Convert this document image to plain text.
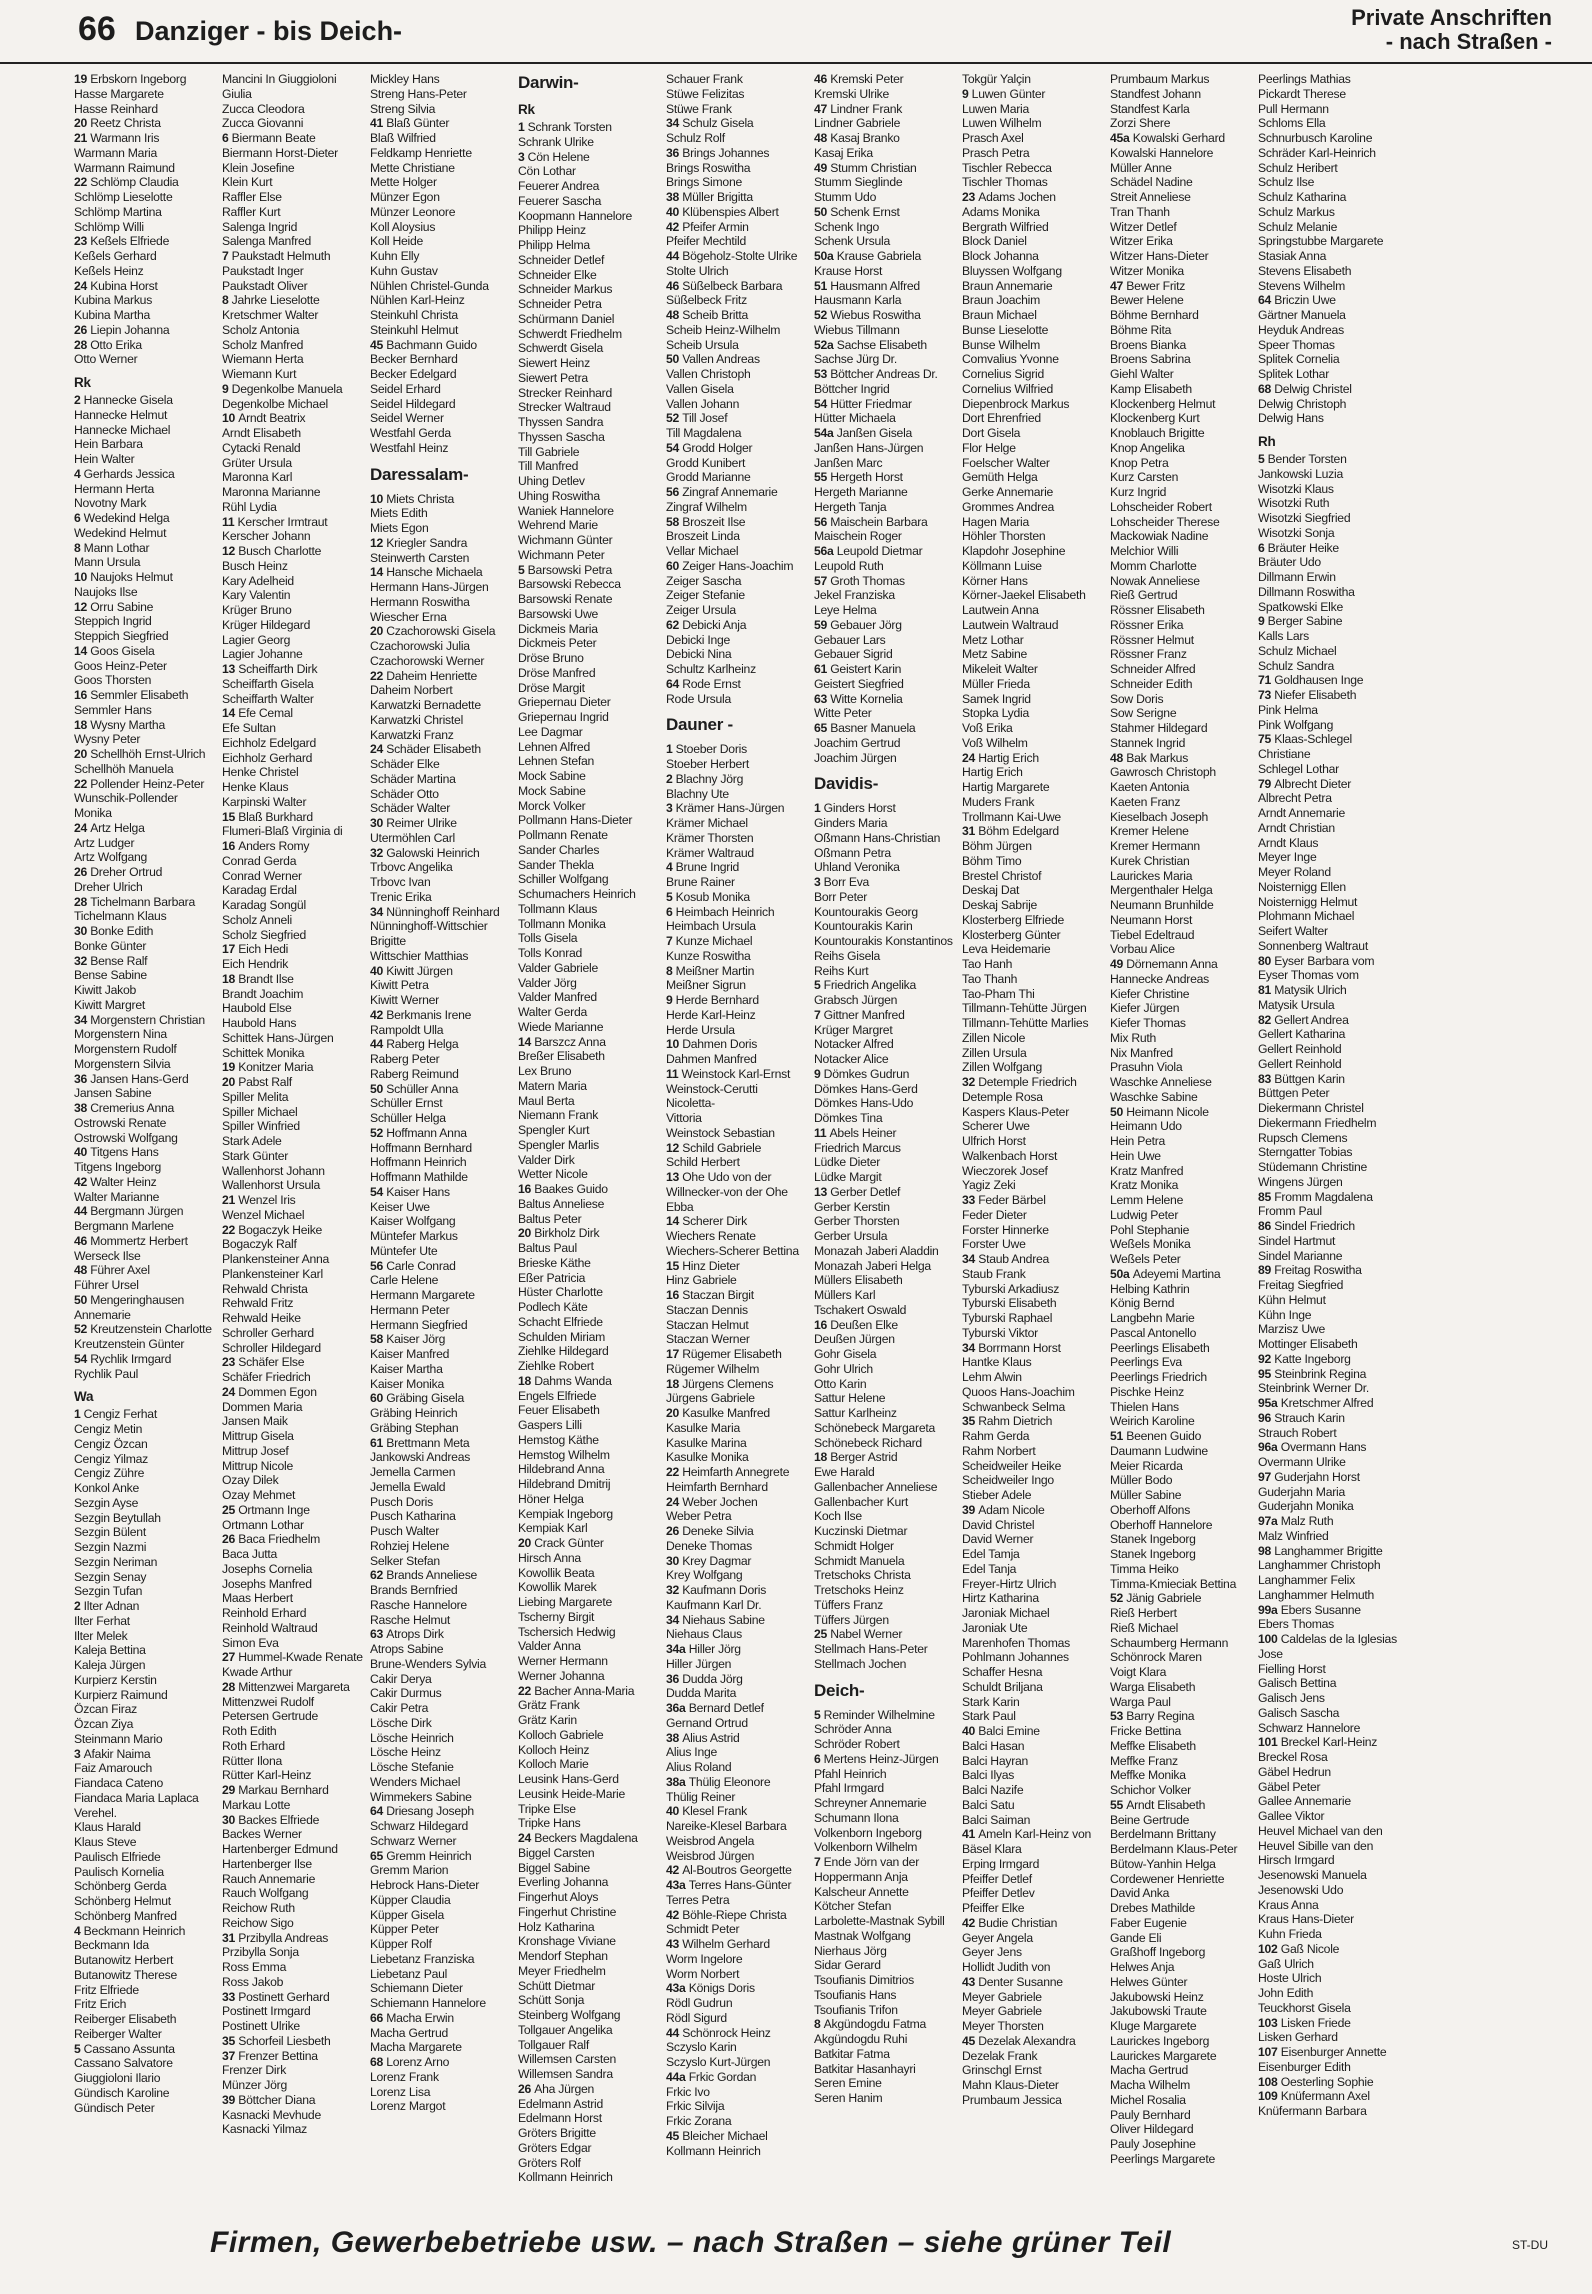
66 Danziger - bis Deich-	Private Anschriften
- nach Straßen -
19 Erbskorn Ingeborg
Hasse Margarete
Hasse Reinhard
20 Reetz Christa
21 Warmann Iris
Warmann Maria
Warmann Raimund
22 Schlömp Claudia
Schlömp Lieselotte
Schlömp Martina
Schlömp Willi
23 Keßels Elfriede
Keßels Gerhard
Keßels Heinz
24 Kubina Horst
Kubina Markus
Kubina Martha
26 Liepin Johanna
28 Otto Erika
Otto Werner
Rk
2 Hannecke Gisela
Hannecke Helmut
Hannecke Michael
Hein Barbara
Hein Walter
4 Gerhards Jessica
Hermann Herta
Novotny Mark
6 Wedekind Helga
Wedekind Helmut
8 Mann Lothar
Mann Ursula
10 Naujoks Helmut
Naujoks Ilse
12 Orru Sabine
Steppich Ingrid
Steppich Siegfried
14 Goos Gisela
Goos Heinz-Peter
Goos Thorsten
16 Semmler Elisabeth
Semmler Hans
18 Wysny Martha
Wysny Peter
20 Schellhöh Ernst-Ulrich
Schellhöh Manuela
22 Pollender Heinz-Peter
Wunschik-Pollender
Monika
24 Artz Helga
Artz Ludger
Artz Wolfgang
26 Dreher Ortrud
Dreher Ulrich
28 Tichelmann Barbara
Tichelmann Klaus
30 Bonke Edith
Bonke Günter
32 Bense Ralf
Bense Sabine
Kiwitt Jakob
Kiwitt Margret
34 Morgenstern Christian
Morgenstern Nina
Morgenstern Rudolf
Morgenstern Silvia
36 Jansen Hans-Gerd
Jansen Sabine
38 Cremerius Anna
Ostrowski Renate
Ostrowski Wolfgang
40 Titgens Hans
Titgens Ingeborg
42 Walter Heinz
Walter Marianne
44 Bergmann Jürgen
Bergmann Marlene
46 Mommertz Herbert
Werseck Ilse
48 Führer Axel
Führer Ursel
50 Mengeringhausen
Annemarie
52 Kreutzenstein Charlotte
Kreutzenstein Günter
54 Rychlik Irmgard
Rychlik Paul
Wa
1 Cengiz Ferhat
Cengiz Metin
Cengiz Özcan
Cengiz Yilmaz
Cengiz Zühre
Konkol Anke
Sezgin Ayse
Sezgin Beytullah
Sezgin Bülent
Sezgin Nazmi
Sezgin Neriman
Sezgin Senay
Sezgin Tufan
2 Ilter Adnan
Ilter Ferhat
Ilter Melek
Kaleja Bettina
Kaleja Jürgen
Kurpierz Kerstin
Kurpierz Raimund
Özcan Firaz
Özcan Ziya
Steinmann Mario
3 Afakir Naima
Faiz Amarouch
Fiandaca Cateno
Fiandaca Maria Laplaca
Verehel.
Klaus Harald
Klaus Steve
Paulisch Elfriede
Paulisch Kornelia
Schönberg Gerda
Schönberg Helmut
Schönberg Manfred
4 Beckmann Heinrich
Beckmann Ida
Butanowitz Herbert
Butanowitz Therese
Fritz Elfriede
Fritz Erich
Reiberger Elisabeth
Reiberger Walter
5 Cassano Assunta
Cassano Salvatore
Giuggioloni Ilario
Gündisch Karoline
Gündisch Peter
Mancini In Giuggioloni
Giulia
Zucca Cleodora
Zucca Giovanni
6 Biermann Beate
Biermann Horst-Dieter
Klein Josefine
Klein Kurt
Raffler Else
Raffler Kurt
Salenga Ingrid
Salenga Manfred
7 Paukstadt Helmuth
Paukstadt Inger
Paukstadt Oliver
8 Jahrke Lieselotte
Kretschmer Walter
Scholz Antonia
Scholz Manfred
Wiemann Herta
Wiemann Kurt
9 Degenkolbe Manuela
Degenkolbe Michael
10 Arndt Beatrix
Arndt Elisabeth
Cytacki Renald
Grüter Ursula
Maronna Karl
Maronna Marianne
Rühl Lydia
11 Kerscher Irmtraut
Kerscher Johann
12 Busch Charlotte
Busch Heinz
Kary Adelheid
Kary Valentin
Krüger Bruno
Krüger Hildegard
Lagier Georg
Lagier Johanne
13 Scheiffarth Dirk
Scheiffarth Gisela
Scheiffarth Walter
14 Efe Cemal
Efe Sultan
Eichholz Edelgard
Eichholz Gerhard
Henke Christel
Henke Klaus
Karpinski Walter
15 Blaß Burkhard
Flumeri-Blaß Virginia di
16 Anders Romy
Conrad Gerda
Conrad Werner
Karadag Erdal
Karadag Songül
Scholz Anneli
Scholz Siegfried
17 Eich Hedi
Eich Hendrik
18 Brandt Ilse
Brandt Joachim
Haubold Else
Haubold Hans
Schittek Hans-Jürgen
Schittek Monika
19 Konitzer Maria
20 Pabst Ralf
Spiller Melita
Spiller Michael
Spiller Winfried
Stark Adele
Stark Günter
Wallenhorst Johann
Wallenhorst Ursula
21 Wenzel Iris
Wenzel Michael
22 Bogaczyk Heike
Bogaczyk Ralf
Plankensteiner Anna
Plankensteiner Karl
Rehwald Christa
Rehwald Fritz
Rehwald Heike
Schroller Gerhard
Schroller Hildegard
23 Schäfer Else
Schäfer Friedrich
24 Dommen Egon
Dommen Maria
Jansen Maik
Mittrup Gisela
Mittrup Josef
Mittrup Nicole
Ozay Dilek
Ozay Mehmet
25 Ortmann Inge
Ortmann Lothar
26 Baca Friedhelm
Baca Jutta
Josephs Cornelia
Josephs Manfred
Maas Herbert
Reinhold Erhard
Reinhold Waltraud
Simon Eva
27 Hummel-Kwade Renate
Kwade Arthur
28 Mittenzwei Margareta
Mittenzwei Rudolf
Petersen Gertrude
Roth Edith
Roth Erhard
Rütter Ilona
Rütter Karl-Heinz
29 Markau Bernhard
Markau Lotte
30 Backes Elfriede
Backes Werner
Hartenberger Edmund
Hartenberger Ilse
Rauch Annemarie
Rauch Wolfgang
Reichow Ruth
Reichow Sigo
31 Przibylla Andreas
Przibylla Sonja
Ross Emma
Ross Jakob
33 Postinett Gerhard
Postinett Irmgard
Postinett Ulrike
35 Schorfeil Liesbeth
37 Frenzer Bettina
Frenzer Dirk
Münzer Jörg
39 Böttcher Diana
Kasnacki Mevhude
Kasnacki Yilmaz
Mickley Hans
Streng Hans-Peter
Streng Silvia
41 Blaß Günter
Blaß Wilfried
Feldkamp Henriette
Mette Christiane
Mette Holger
Münzer Egon
Münzer Leonore
Koll Aloysius
Koll Heide
Kuhn Elly
Kuhn Gustav
Nühlen Christel-Gunda
Nühlen Karl-Heinz
Steinkuhl Christa
Steinkuhl Helmut
45 Bachmann Guido
Becker Bernhard
Becker Edelgard
Seidel Erhard
Seidel Hildegard
Seidel Werner
Westfahl Gerda
Westfahl Heinz
Daressalam-
10 Miets Christa
Miets Edith
Miets Egon
12 Kriegler Sandra
Steinwerth Carsten
14 Hansche Michaela
Hermann Hans-Jürgen
Hermann Roswitha
Wiescher Erna
20 Czachorowski Gisela
Czachorowski Julia
Czachorowski Werner
22 Daheim Henriette
Daheim Norbert
Karwatzki Bernadette
Karwatzki Christel
Karwatzki Franz
24 Schäder Elisabeth
Schäder Elke
Schäder Martina
Schäder Otto
Schäder Walter
30 Reimer Ulrike
Utermöhlen Carl
32 Galowski Heinrich
Trbovc Angelika
Trbovc Ivan
Trenic Erika
34 Nünninghoff Reinhard
Nünninghoff-Wittschier
Brigitte
Wittschier Matthias
40 Kiwitt Jürgen
Kiwitt Petra
Kiwitt Werner
42 Berkmanis Irene
Rampoldt Ulla
44 Raberg Helga
Raberg Peter
Raberg Reimund
50 Schüller Anna
Schüller Ernst
Schüller Helga
52 Hoffmann Anna
Hoffmann Bernhard
Hoffmann Heinrich
Hoffmann Mathilde
54 Kaiser Hans
Keiser Uwe
Kaiser Wolfgang
Müntefer Markus
Müntefer Ute
56 Carle Conrad
Carle Helene
Hermann Margarete
Hermann Peter
Hermann Siegfried
58 Kaiser Jörg
Kaiser Manfred
Kaiser Martha
Kaiser Monika
60 Gräbing Gisela
Gräbing Heinrich
Gräbing Stephan
61 Brettmann Meta
Jankowski Andreas
Jemella Carmen
Jemella Ewald
Pusch Doris
Pusch Katharina
Pusch Walter
Rohziej Helene
Selker Stefan
62 Brands Anneliese
Brands Bernfried
Rasche Hannelore
Rasche Helmut
63 Atrops Dirk
Atrops Sabine
Brune-Wenders Sylvia
Cakir Derya
Cakir Durmus
Cakir Petra
Lösche Dirk
Lösche Heinrich
Lösche Heinz
Lösche Stefanie
Wenders Michael
Wimmekers Sabine
64 Driesang Joseph
Schwarz Hildegard
Schwarz Werner
65 Gremm Heinrich
Gremm Marion
Hebrock Hans-Dieter
Küpper Claudia
Küpper Gisela
Küpper Peter
Küpper Rolf
Liebetanz Franziska
Liebetanz Paul
Schiemann Dieter
Schiemann Hannelore
66 Macha Erwin
Macha Gertrud
Macha Margarete
68 Lorenz Arno
Lorenz Frank
Lorenz Lisa
Lorenz Margot
Darwin-
Rk
1 Schrank Torsten
Schrank Ulrike
3 Cön Helene
Cön Lothar
Feuerer Andrea
Feuerer Sascha
Koopmann Hannelore
Philipp Heinz
Philipp Helma
Schneider Detlef
Schneider Elke
Schneider Markus
Schneider Petra
Schürmann Daniel
Schwerdt Friedhelm
Schwerdt Gisela
Siewert Heinz
Siewert Petra
Strecker Reinhard
Strecker Waltraud
Thyssen Sandra
Thyssen Sascha
Till Gabriele
Till Manfred
Uhing Detlev
Uhing Roswitha
Waniek Hannelore
Wehrend Marie
Wichmann Günter
Wichmann Peter
5 Barsowski Petra
Barsowski Rebecca
Barsowski Renate
Barsowski Uwe
Dickmeis Maria
Dickmeis Peter
Dröse Bruno
Dröse Manfred
Dröse Margit
Griepernau Dieter
Griepernau Ingrid
Lee Dagmar
Lehnen Alfred
Lehnen Stefan
Mock Sabine
Mock Sabine
Morck Volker
Pollmann Hans-Dieter
Pollmann Renate
Sander Charles
Sander Thekla
Schiller Wolfgang
Schumachers Heinrich
Tollmann Klaus
Tollmann Monika
Tolls Gisela
Tolls Konrad
Valder Gabriele
Valder Jörg
Valder Manfred
Walter Gerda
Wiede Marianne
14 Barszcz Anna
Breßer Elisabeth
Lex Bruno
Matern Maria
Maul Berta
Niemann Frank
Spengler Kurt
Spengler Marlis
Valder Dirk
Wetter Nicole
16 Baakes Guido
Baltus Anneliese
Baltus Peter
20 Birkholz Dirk
Baltus Paul
Brieske Käthe
Eßer Patricia
Hüster Charlotte
Podlech Käte
Schacht Elfriede
Schulden Miriam
Ziehlke Hildegard
Ziehlke Robert
18 Dahms Wanda
Engels Elfriede
Feuer Elisabeth
Gaspers Lilli
Hemstog Käthe
Hemstog Wilhelm
Hildebrand Anna
Hildebrand Dmitrij
Höner Helga
Kempiak Ingeborg
Kempiak Karl
20 Crack Günter
Hirsch Anna
Kowollik Beata
Kowollik Marek
Liebing Margarete
Tscherny Birgit
Tschersich Hedwig
Valder Anna
Werner Hermann
Werner Johanna
22 Bacher Anna-Maria
Grätz Frank
Grätz Karin
Kolloch Gabriele
Kolloch Heinz
Kolloch Marie
Leusink Hans-Gerd
Leusink Heide-Marie
Tripke Else
Tripke Hans
24 Beckers Magdalena
Biggel Carsten
Biggel Sabine
Everling Johanna
Fingerhut Aloys
Fingerhut Christine
Holz Katharina
Kronshage Viviane
Mendorf Stephan
Meyer Friedhelm
Schütt Dietmar
Schütt Sonja
Steinberg Wolfgang
Tollgauer Angelika
Tollgauer Ralf
Willemsen Carsten
Willemsen Sandra
26 Aha Jürgen
Edelmann Astrid
Edelmann Horst
Gröters Brigitte
Gröters Edgar
Gröters Rolf
Kollmann Heinrich
Schauer Frank
Stüwe Felizitas
Stüwe Frank
34 Schulz Gisela
Schulz Rolf
36 Brings Johannes
Brings Roswitha
Brings Simone
38 Müller Brigitta
40 Klübenspies Albert
42 Pfeifer Armin
Pfeifer Mechtild
44 Bögeholz-Stolte Ulrike
Stolte Ulrich
46 Süßelbeck Barbara
Süßelbeck Fritz
48 Scheib Britta
Scheib Heinz-Wilhelm
Scheib Ursula
50 Vallen Andreas
Vallen Christoph
Vallen Gisela
Vallen Johann
52 Till Josef
Till Magdalena
54 Grodd Holger
Grodd Kunibert
Grodd Marianne
56 Zingraf Annemarie
Zingraf Wilhelm
58 Broszeit Ilse
Broszeit Linda
Vellar Michael
60 Zeiger Hans-Joachim
Zeiger Sascha
Zeiger Stefanie
Zeiger Ursula
62 Debicki Anja
Debicki Inge
Debicki Nina
Schultz Karlheinz
64 Rode Ernst
Rode Ursula
Dauner -
1 Stoeber Doris
Stoeber Herbert
2 Blachny Jörg
Blachny Ute
3 Krämer Hans-Jürgen
Krämer Michael
Krämer Thorsten
Krämer Waltraud
4 Brune Ingrid
Brune Rainer
5 Kosub Monika
6 Heimbach Heinrich
Heimbach Ursula
7 Kunze Michael
Kunze Roswitha
8 Meißner Martin
Meißner Sigrun
9 Herde Bernhard
Herde Karl-Heinz
Herde Ursula
10 Dahmen Doris
Dahmen Manfred
11 Weinstock Karl-Ernst
Weinstock-Cerutti
Nicoletta-
Vittoria
Weinstock Sebastian
12 Schild Gabriele
Schild Herbert
13 Ohe Udo von der
Willnecker-von der Ohe
Ebba
14 Scherer Dirk
Wiechers Renate
Wiechers-Scherer Bettina
15 Hinz Dieter
Hinz Gabriele
16 Staczan Birgit
Staczan Dennis
Staczan Helmut
Staczan Werner
17 Rügemer Elisabeth
Rügemer Wilhelm
18 Jürgens Clemens
Jürgens Gabriele
20 Kasulke Manfred
Kasulke Maria
Kasulke Marina
Kasulke Monika
22 Heimfarth Annegrete
Heimfarth Bernhard
24 Weber Jochen
Weber Petra
26 Deneke Silvia
Deneke Thomas
30 Krey Dagmar
Krey Wolfgang
32 Kaufmann Doris
Kaufmann Karl Dr.
34 Niehaus Sabine
Niehaus Claus
34a Hiller Jörg
Hiller Jürgen
36 Dudda Jörg
Dudda Marita
36a Bernard Detlef
Gernand Ortrud
38 Alius Astrid
Alius Inge
Alius Roland
38a Thülig Eleonore
Thülig Reiner
40 Klesel Frank
Nareike-Klesel Barbara
Weisbrod Angela
Weisbrod Jürgen
42 Al-Boutros Georgette
43a Terres Hans-Günter
Terres Petra
42 Böhle-Riepe Christa
Schmidt Peter
43 Wilhelm Gerhard
Worm Ingelore
Worm Norbert
43a Königs Doris
Rödl Gudrun
Rödl Sigurd
44 Schönrock Heinz
Sczyslo Karin
Sczyslo Kurt-Jürgen
44a Frkic Gordan
Frkic Ivo
Frkic Silvija
Frkic Zorana
45 Bleicher Michael
Kollmann Heinrich
46 Kremski Peter
Kremski Ulrike
47 Lindner Frank
Lindner Gabriele
48 Kasaj Branko
Kasaj Erika
49 Stumm Christian
Stumm Sieglinde
Stumm Udo
50 Schenk Ernst
Schenk Ingo
Schenk Ursula
50a Krause Gabriela
Krause Horst
51 Hausmann Alfred
Hausmann Karla
52 Wiebus Roswitha
Wiebus Tillmann
52a Sachse Elisabeth
Sachse Jürg Dr.
53 Böttcher Andreas Dr.
Böttcher Ingrid
54 Hütter Friedmar
Hütter Michaela
54a Janßen Gisela
Janßen Hans-Jürgen
Janßen Marc
55 Hergeth Horst
Hergeth Marianne
Hergeth Tanja
56 Maischein Barbara
Maischein Roger
56a Leupold Dietmar
Leupold Ruth
57 Groth Thomas
Jekel Franziska
Leye Helma
59 Gebauer Jörg
Gebauer Lars
Gebauer Sigrid
61 Geistert Karin
Geistert Siegfried
63 Witte Kornelia
Witte Peter
65 Basner Manuela
Joachim Gertrud
Joachim Jürgen
Davidis-
1 Ginders Horst
Ginders Maria
Oßmann Hans-Christian
Oßmann Petra
Uhland Veronika
3 Borr Eva
Borr Peter
Kountourakis Georg
Kountourakis Karin
Kountourakis Konstantinos
Reihs Gisela
Reihs Kurt
5 Friedrich Angelika
Grabsch Jürgen
7 Gittner Manfred
Krüger Margret
Notacker Alfred
Notacker Alice
9 Dömkes Gudrun
Dömkes Hans-Gerd
Dömkes Hans-Udo
Dömkes Tina
11 Abels Heiner
Friedrich Marcus
Lüdke Dieter
Lüdke Margit
13 Gerber Detlef
Gerber Kerstin
Gerber Thorsten
Gerber Ursula
Monazah Jaberi Aladdin
Monazah Jaberi Helga
Müllers Elisabeth
Müllers Karl
Tschakert Oswald
16 Deußen Elke
Deußen Jürgen
Gohr Gisela
Gohr Ulrich
Otto Karin
Sattur Helene
Sattur Karlheinz
Schönebeck Margareta
Schönebeck Richard
18 Berger Astrid
Ewe Harald
Gallenbacher Anneliese
Gallenbacher Kurt
Koch Ilse
Kuczinski Dietmar
Schmidt Holger
Schmidt Manuela
Tretschoks Christa
Tretschoks Heinz
Tüffers Franz
Tüffers Jürgen
25 Nabel Werner
Stellmach Hans-Peter
Stellmach Jochen
Deich-
5 Reminder Wilhelmine
Schröder Anna
Schröder Robert
6 Mertens Heinz-Jürgen
Pfahl Heinrich
Pfahl Irmgard
Schreyner Annemarie
Schumann Ilona
Volkenborn Ingeborg
Volkenborn Wilhelm
7 Ende Jörn van der
Hoppermann Anja
Kalscheur Annette
Kötcher Stefan
Larbolette-Mastnak Sybill
Mastnak Wolfgang
Nierhaus Jörg
Sidar Gerard
Tsoufianis Dimitrios
Tsoufianis Hans
Tsoufianis Trifon
8 Akgündogdu Fatma
Akgündogdu Ruhi
Batkitar Fatma
Batkitar Hasanhayri
Seren Emine
Seren Hanim
Tokgür Yalçin
9 Luwen Günter
Luwen Maria
Luwen Wilhelm
Prasch Axel
Prasch Petra
Tischler Rebecca
Tischler Thomas
23 Adams Jochen
Adams Monika
Bergrath Wilfried
Block Daniel
Block Johanna
Bluyssen Wolfgang
Braun Annemarie
Braun Joachim
Braun Michael
Bunse Lieselotte
Bunse Wilhelm
Comvalius Yvonne
Cornelius Sigrid
Cornelius Wilfried
Diepenbrock Markus
Dort Ehrenfried
Dort Gisela
Flor Helge
Foelscher Walter
Gemüth Helga
Gerke Annemarie
Grommes Andrea
Hagen Maria
Höhler Thorsten
Klapdohr Josephine
Köllmann Luise
Körner Hans
Körner-Jaekel Elisabeth
Lautwein Anna
Lautwein Waltraud
Metz Lothar
Metz Sabine
Mikeleit Walter
Müller Frieda
Samek Ingrid
Stopka Lydia
Voß Erika
Voß Wilhelm
24 Hartig Erich
Hartig Erich
Hartig Margarete
Muders Frank
Trollmann Kai-Uwe
31 Böhm Edelgard
Böhm Jürgen
Böhm Timo
Brestel Christof
Deskaj Dat
Deskaj Sabrije
Klosterberg Elfriede
Klosterberg Günter
Leva Heidemarie
Tao Hanh
Tao Thanh
Tao-Pham Thi
Tillmann-Tehütte Jürgen
Tillmann-Tehütte Marlies
Zillen Nicole
Zillen Ursula
Zillen Wolfgang
32 Detemple Friedrich
Detemple Rosa
Kaspers Klaus-Peter
Scherer Uwe
Ulfrich Horst
Walkenbach Horst
Wieczorek Josef
Yagiz Zeki
33 Feder Bärbel
Feder Dieter
Forster Hinnerke
Forster Uwe
34 Staub Andrea
Staub Frank
Tyburski Arkadiusz
Tyburski Elisabeth
Tyburski Raphael
Tyburski Viktor
34 Borrmann Horst
Hantke Klaus
Lehm Alwin
Quoos Hans-Joachim
Schwanbeck Selma
35 Rahm Dietrich
Rahm Gerda
Rahm Norbert
Scheidweiler Heike
Scheidweiler Ingo
Stieber Adele
39 Adam Nicole
David Christel
David Werner
Edel Tamja
Edel Tanja
Freyer-Hirtz Ulrich
Hirtz Katharina
Jaroniak Michael
Jaroniak Ute
Marenhofen Thomas
Pohlmann Johannes
Schaffer Hesna
Schuldt Briljana
Stark Karin
Stark Paul
40 Balci Emine
Balci Hasan
Balci Hayran
Balci Ilyas
Balci Nazife
Balci Satu
Balci Saiman
41 Ameln Karl-Heinz von
Bäsel Klara
Erping Irmgard
Pfeiffer Detlef
Pfeiffer Detlev
Pfeiffer Elke
42 Budie Christian
Geyer Angela
Geyer Jens
Hollidt Judith von
43 Denter Susanne
Meyer Gabriele
Meyer Gabriele
Meyer Thorsten
45 Dezelak Alexandra
Dezelak Frank
Grinschgl Ernst
Mahn Klaus-Dieter
Prumbaum Jessica
Prumbaum Markus
Standfest Johann
Standfest Karla
Zorzi Shere
45a Kowalski Gerhard
Kowalski Hannelore
Müller Anne
Schädel Nadine
Streit Anneliese
Tran Thanh
Witzer Detlef
Witzer Erika
Witzer Hans-Dieter
Witzer Monika
47 Bewer Fritz
Bewer Helene
Böhme Bernhard
Böhme Rita
Broens Bianka
Broens Sabrina
Giehl Walter
Kamp Elisabeth
Klockenberg Helmut
Klockenberg Kurt
Knoblauch Brigitte
Knop Angelika
Knop Petra
Kurz Carsten
Kurz Ingrid
Lohscheider Robert
Lohscheider Therese
Mackowiak Nadine
Melchior Willi
Momm Charlotte
Nowak Anneliese
Rieß Gertrud
Rössner Elisabeth
Rössner Erika
Rössner Helmut
Rössner Franz
Schneider Alfred
Schneider Edith
Sow Doris
Sow Serigne
Stahmer Hildegard
Stannek Ingrid
48 Bak Markus
Gawrosch Christoph
Kaeten Antonia
Kaeten Franz
Kieselbach Joseph
Kremer Helene
Kremer Hermann
Kurek Christian
Laurickes Maria
Mergenthaler Helga
Neumann Brunhilde
Neumann Horst
Tiebel Edeltraud
Vorbau Alice
49 Dörnemann Anna
Hannecke Andreas
Kiefer Christine
Kiefer Jürgen
Kiefer Thomas
Mix Ruth
Nix Manfred
Prasuhn Viola
Waschke Anneliese
Waschke Sabine
50 Heimann Nicole
Heimann Udo
Hein Petra
Hein Uwe
Kratz Manfred
Kratz Monika
Lemm Helene
Ludwig Peter
Pohl Stephanie
Weßels Monika
Weßels Peter
50a Adeyemi Martina
Helbing Kathrin
König Bernd
Langbehn Marie
Pascal Antonello
Peerlings Elisabeth
Peerlings Eva
Peerlings Friedrich
Pischke Heinz
Thielen Hans
Weirich Karoline
51 Beenen Guido
Daumann Ludwine
Meier Ricarda
Müller Bodo
Müller Sabine
Oberhoff Alfons
Oberhoff Hannelore
Stanek Ingeborg
Stanek Ingeborg
Timma Heiko
Timma-Kmieciak Bettina
52 Jänig Gabriele
Rieß Herbert
Rieß Michael
Schaumberg Hermann
Schönrock Maren
Voigt Klara
Warga Elisabeth
Warga Paul
53 Barry Regina
Fricke Bettina
Meffke Elisabeth
Meffke Franz
Meffke Monika
Schichor Volker
55 Arndt Elisabeth
Beine Gertrude
Berdelmann Brittany
Berdelmann Klaus-Peter
Bütow-Yanhin Helga
Cordewener Henriette
David Anka
Drebes Mathilde
Faber Eugenie
Gande Eli
Graßhoff Ingeborg
Helwes Anja
Helwes Günter
Jakubowski Heinz
Jakubowski Traute
Kluge Margarete
Laurickes Ingeborg
Laurickes Margarete
Macha Gertrud
Macha Wilhelm
Michel Rosalia
Pauly Bernhard
Oliver Hildegard
Pauly Josephine
Peerlings Margarete
Peerlings Mathias
Pickardt Therese
Pull Hermann
Schloms Ella
Schnurbusch Karoline
Schräder Karl-Heinrich
Schulz Heribert
Schulz Ilse
Schulz Katharina
Schulz Markus
Schulz Melanie
Springstubbe Margarete
Stasiak Anna
Stevens Elisabeth
Stevens Wilhelm
64 Briczin Uwe
Gärtner Manuela
Heyduk Andreas
Speer Thomas
Splitek Cornelia
Splitek Lothar
68 Delwig Christel
Delwig Christoph
Delwig Hans
Rh
5 Bender Torsten
Jankowski Luzia
Wisotzki Klaus
Wisotzki Ruth
Wisotzki Siegfried
Wisotzki Sonja
6 Bräuter Heike
Bräuter Udo
Dillmann Erwin
Dillmann Roswitha
Spatkowski Elke
9 Berger Sabine
Kalls Lars
Schulz Michael
Schulz Sandra
71 Goldhausen Inge
73 Niefer Elisabeth
Pink Helma
Pink Wolfgang
75 Klaas-Schlegel
Christiane
Schlegel Lothar
79 Albrecht Dieter
Albrecht Petra
Arndt Annemarie
Arndt Christian
Arndt Klaus
Meyer Inge
Meyer Roland
Noisternigg Ellen
Noisternigg Helmut
Plohmann Michael
Seifert Walter
Sonnenberg Waltraut
80 Eyser Barbara vom
Eyser Thomas vom
81 Matysik Ulrich
Matysik Ursula
82 Gellert Andrea
Gellert Katharina
Gellert Reinhold
Gellert Reinhold
83 Büttgen Karin
Büttgen Peter
Diekermann Christel
Diekermann Friedhelm
Rupsch Clemens
Sterngatter Tobias
Stüdemann Christine
Wingens Jürgen
85 Fromm Magdalena
Fromm Paul
86 Sindel Friedrich
Sindel Hartmut
Sindel Marianne
89 Freitag Roswitha
Freitag Siegfried
Kühn Helmut
Kühn Inge
Marzisz Uwe
Mottinger Elisabeth
92 Katte Ingeborg
95 Steinbrink Regina
Steinbrink Werner Dr.
95a Kretschmer Alfred
96 Strauch Karin
Strauch Robert
96a Overmann Hans
Overmann Ulrike
97 Guderjahn Horst
Guderjahn Maria
Guderjahn Monika
97a Malz Ruth
Malz Winfried
98 Langhammer Brigitte
Langhammer Christoph
Langhammer Felix
Langhammer Helmuth
99a Ebers Susanne
Ebers Thomas
100 Caldelas de la Iglesias
Jose
Fielling Horst
Galisch Bettina
Galisch Jens
Galisch Sascha
Schwarz Hannelore
101 Breckel Karl-Heinz
Breckel Rosa
Gäbel Hedrun
Gäbel Peter
Gallee Annemarie
Gallee Viktor
Heuvel Michael van den
Heuvel Sibille van den
Hirsch Irmgard
Jesenowski Manuela
Jesenowski Udo
Kraus Anna
Kraus Hans-Dieter
Kuhn Frieda
102 Gaß Nicole
Gaß Ulrich
Hoste Ulrich
John Edith
Teuckhorst Gisela
103 Lisken Friede
Lisken Gerhard
107 Eisenburger Annette
Eisenburger Edith
108 Oesterling Sophie
109 Knüfermann Axel
Knüfermann Barbara
Firmen, Gewerbebetriebe usw. – nach Straßen – siehe grüner Teil	ST-DU
